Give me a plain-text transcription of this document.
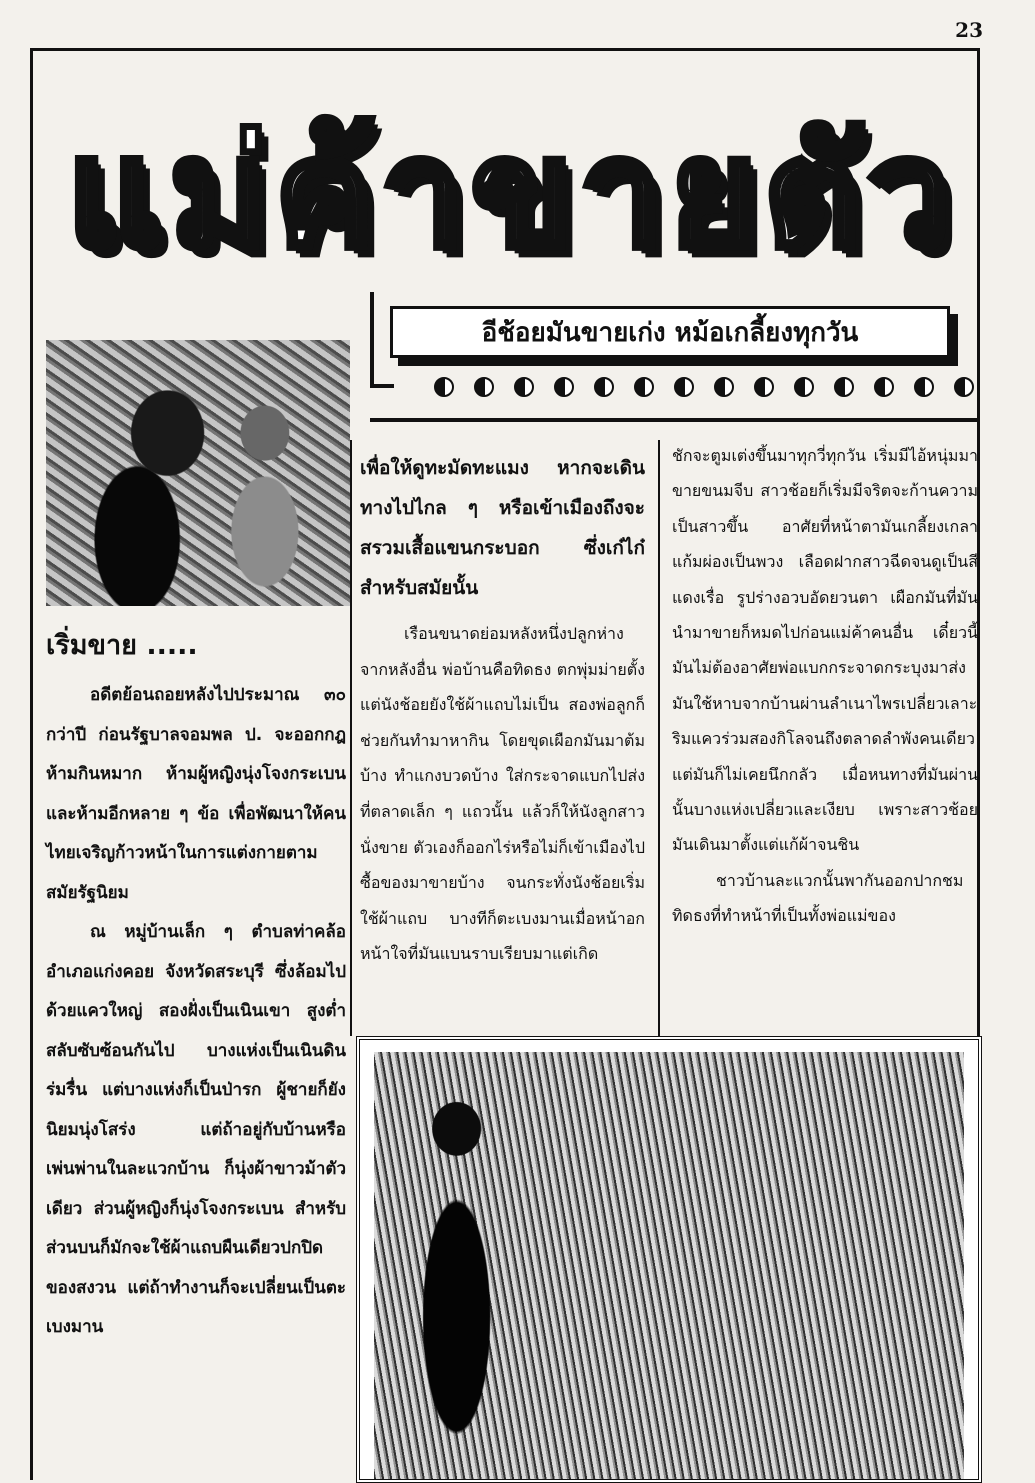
23
แม่ค้าขายตัว
อีช้อยมันขายเก่ง หม้อเกลี้ยงทุกวัน
เริ่มขาย .....

อดีตย้อนถอยหลังไปประมาณ ๓๐ กว่าปี ก่อนรัฐบาลจอมพล ป. จะออกกฎห้ามกินหมาก ห้ามผู้หญิงนุ่งโจงกระเบน และห้ามอีกหลาย ๆ ข้อ เพื่อพัฒนาให้คนไทยเจริญก้าวหน้าในการแต่งกายตามสมัยรัฐนิยม

ณ หมู่บ้านเล็ก ๆ ตำบลท่าคล้อ อำเภอแก่งคอย จังหวัดสระบุรี ซึ่งล้อมไปด้วยแควใหญ่ สองฝั่งเป็นเนินเขา สูงต่ำสลับซับซ้อนกันไป บางแห่งเป็นเนินดินร่มรื่น แต่บางแห่งก็เป็นป่ารก ผู้ชายก็ยังนิยมนุ่งโสร่ง แต่ถ้าอยู่กับบ้านหรือเพ่นพ่านในละแวกบ้าน ก็นุ่งผ้าขาวม้าตัวเดียว ส่วนผู้หญิงก็นุ่งโจงกระเบน สำหรับส่วนบนก็มักจะใช้ผ้าแถบผืนเดียวปกปิดของสงวน แต่ถ้าทำงานก็จะเปลี่ยนเป็นตะเบงมาน

เพื่อให้ดูทะมัดทะแมง หากจะเดินทางไปไกล ๆ หรือเข้าเมืองถึงจะสรวมเสื้อแขนกระบอก ซึ่งเก๋ไก๋สำหรับสมัยนั้น

เรือนขนาดย่อมหลังหนึ่งปลูกห่างจากหลังอื่น พ่อบ้านคือทิดธง ตกพุ่มม่ายตั้งแต่นังช้อยยังใช้ผ้าแถบไม่เป็น สองพ่อลูกก็ช่วยกันทำมาหากิน โดยขุดเผือกมันมาต้มบ้าง ทำแกงบวดบ้าง ใส่กระจาดแบกไปส่งที่ตลาดเล็ก ๆ แถวนั้น แล้วก็ให้นังลูกสาวนั่งขาย ตัวเองก็ออกไร่หรือไม่ก็เข้าเมืองไปซื้อของมาขายบ้าง จนกระทั่งนังช้อยเริ่มใช้ผ้าแถบ บางทีก็ตะเบงมานเมื่อหน้าอกหน้าใจที่มันแบนราบเรียบมาแต่เกิด

ชักจะตูมเต่งขึ้นมาทุกวี่ทุกวัน เริ่มมีไอ้หนุ่มมาขายขนมจีบ สาวช้อยก็เริ่มมีจริตจะก้านความเป็นสาวขึ้น อาศัยที่หน้าตามันเกลี้ยงเกลา แก้มผ่องเป็นพวง เลือดฝากสาวฉีดจนดูเป็นสีแดงเรื่อ รูปร่างอวบอัดยวนตา เผือกมันที่มันนำมาขายก็หมดไปก่อนแม่ค้าคนอื่น เดี๋ยวนี้มันไม่ต้องอาศัยพ่อแบกกระจาดกระบุงมาส่ง มันใช้หาบจากบ้านผ่านลำเนาไพรเปลี่ยวเลาะริมแควร่วมสองกิโลจนถึงตลาดลำพังคนเดียว แต่มันก็ไม่เคยนึกกลัว เมื่อหนทางที่มันผ่านนั้นบางแห่งเปลี่ยวและเงียบ เพราะสาวช้อยมันเดินมาตั้งแต่แก้ผ้าจนชิน

ชาวบ้านละแวกนั้นพากันออกปากชมทิดธงที่ทำหน้าที่เป็นทั้งพ่อแม่ของ
